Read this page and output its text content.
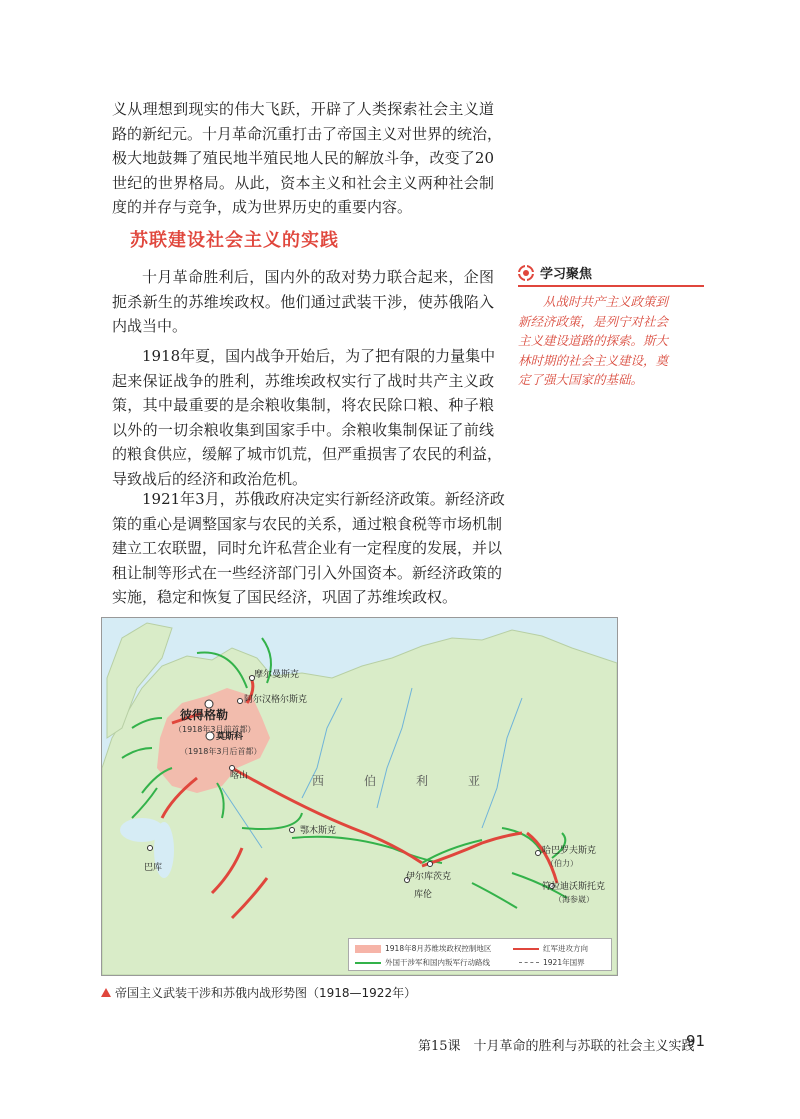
义从理想到现实的伟大飞跃，开辟了人类探索社会主义道
路的新纪元。十月革命沉重打击了帝国主义对世界的统治，
极大地鼓舞了殖民地半殖民地人民的解放斗争，改变了20
世纪的世界格局。从此，资本主义和社会主义两种社会制
度的并存与竞争，成为世界历史的重要内容。
苏联建设社会主义的实践
十月革命胜利后，国内外的敌对势力联合起来，企图
扼杀新生的苏维埃政权。他们通过武装干涉，使苏俄陷入
内战当中。
1918年夏，国内战争开始后，为了把有限的力量集中
起来保证战争的胜利，苏维埃政权实行了战时共产主义政
策，其中最重要的是余粮收集制，将农民除口粮、种子粮
以外的一切余粮收集到国家手中。余粮收集制保证了前线
的粮食供应，缓解了城市饥荒，但严重损害了农民的利益，
导致战后的经济和政治危机。
1921年3月，苏俄政府决定实行新经济政策。新经济政
策的重心是调整国家与农民的关系，通过粮食税等市场机制
建立工农联盟，同时允许私营企业有一定程度的发展，并以
租让制等形式在一些经济部门引入外国资本。新经济政策的
实施，稳定和恢复了国民经济，巩固了苏维埃政权。
学习聚焦
从战时共产主义政策到
新经济政策，是列宁对社会
主义建设道路的探索。斯大
林时期的社会主义建设，奠
定了强大国家的基础。
摩尔曼斯克
阿尔汉格尔斯克
彼得格勒
（1918年3月前首都）
莫斯科
（1918年3月后首都）
喀山
鄂木斯克
伊尔库茨克
哈巴罗夫斯克
（伯力）
符拉迪沃斯托克
（海参崴）
巴库
库伦
西	伯	利	亚
1918年8月苏维埃政权控制地区	红军进攻方向
外国干涉军和国内叛军行动路线	1921年国界
帝国主义武装干涉和苏俄内战形势图（1918—1922年）
第15课　十月革命的胜利与苏联的社会主义实践
91
